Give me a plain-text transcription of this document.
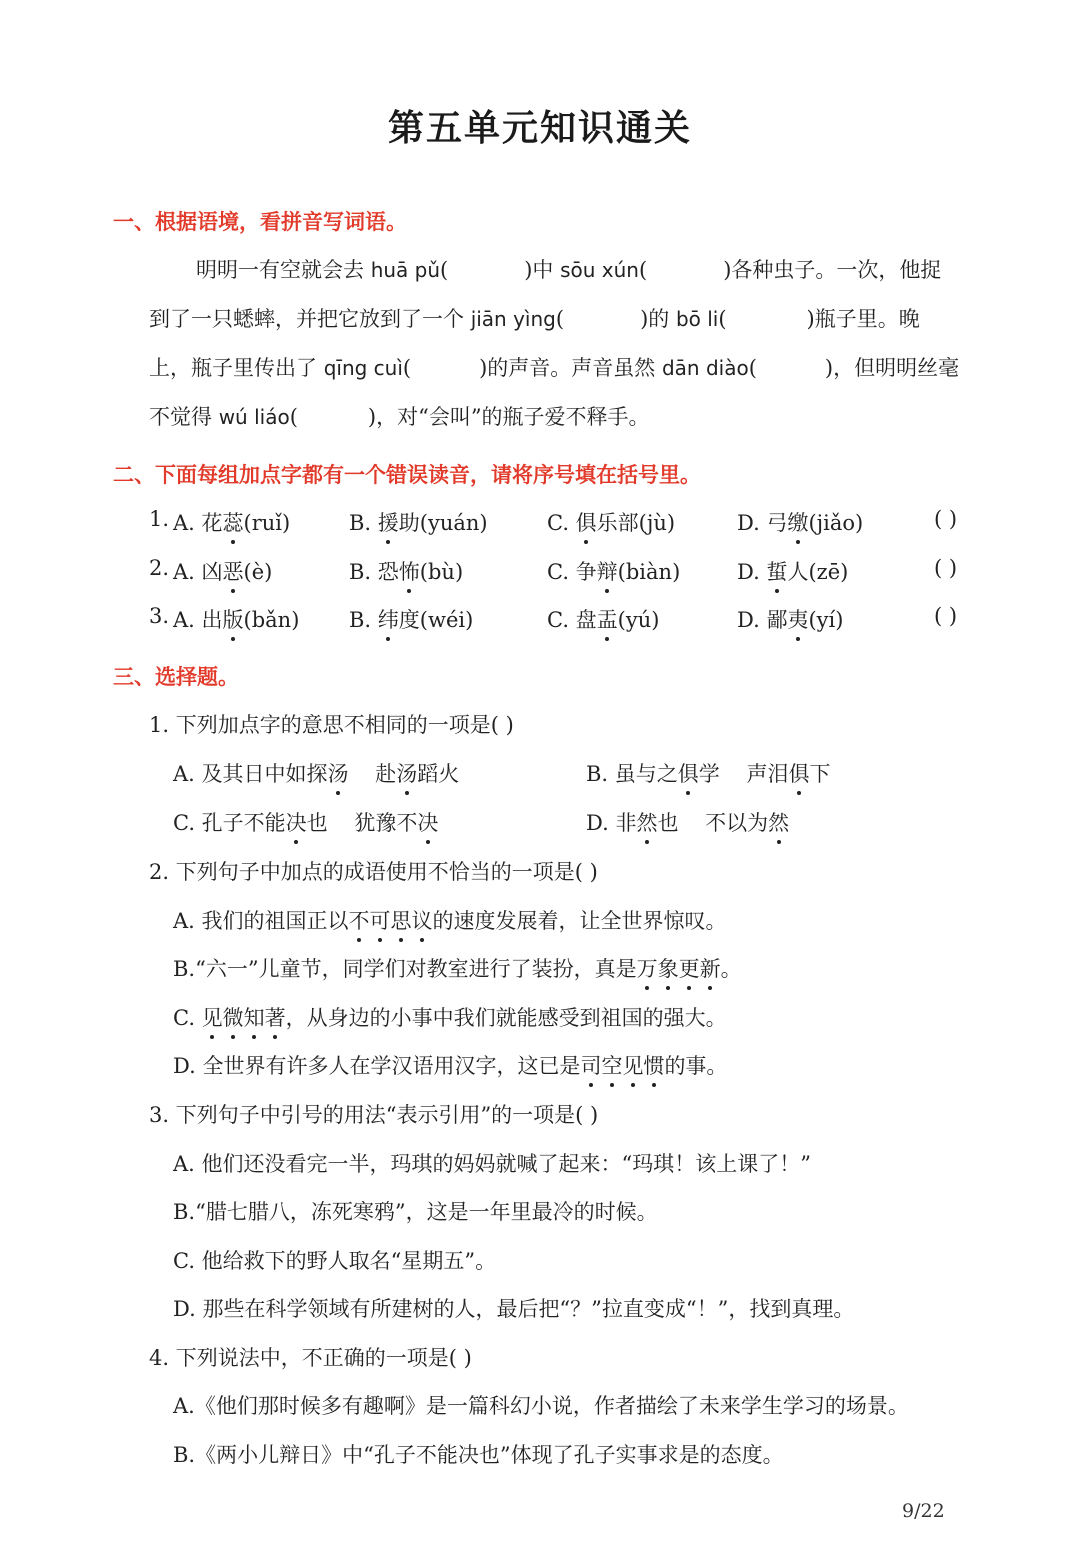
第五单元知识通关
一、根据语境，看拼音写词语。
明明一有空就会去 huā pǔ(	)中 sōu xún(	)各种虫子。一次，他捉
到了一只蟋蟀，并把它放到了一个 jiān yìng(	)的 bō li(	)瓶子里。晚
上，瓶子里传出了 qīng cuì(	)的声音。声音虽然 dān diào(	)，但明明丝毫
不觉得 wú liáo(	)，对“会叫”的瓶子爱不释手。
二、下面每组加点字都有一个错误读音，请将序号填在括号里。
1. A. 花蕊(ruǐ)	B. 援助(yuán)	C. 俱乐部(jù)	D. 弓缴(jiǎo)	( )
2. A. 凶恶(è)	B. 恐怖(bù)	C. 争辩(biàn)	D. 蜇人(zē)	( )
3. A. 出版(bǎn) B. 纬度(wéi)	C. 盘盂(yú)	D. 鄙夷(yí)	( )
三、选择题。
1. 下列加点字的意思不相同的一项是( )
A. 及其日中如探汤    赴汤蹈火	B. 虽与之俱学    声泪俱下
C. 孔子不能决也    犹豫不决	D. 非然也    不以为然
2. 下列句子中加点的成语使用不恰当的一项是( )
A. 我们的祖国正以不可思议的速度发展着，让全世界惊叹。
B.“六一”儿童节，同学们对教室进行了装扮，真是万象更新。
C. 见微知著，从身边的小事中我们就能感受到祖国的强大。
D. 全世界有许多人在学汉语用汉字，这已是司空见惯的事。
3. 下列句子中引号的用法“表示引用”的一项是( )
A. 他们还没看完一半，玛琪的妈妈就喊了起来：“玛琪！该上课了！”
B.“腊七腊八，冻死寒鸦”，这是一年里最冷的时候。
C. 他给救下的野人取名“星期五”。
D. 那些在科学领域有所建树的人，最后把“？”拉直变成“！”，找到真理。
4. 下列说法中，不正确的一项是( )
A.《他们那时候多有趣啊》是一篇科幻小说，作者描绘了未来学生学习的场景。
B.《两小儿辩日》中“孔子不能决也”体现了孔子实事求是的态度。
9/22
